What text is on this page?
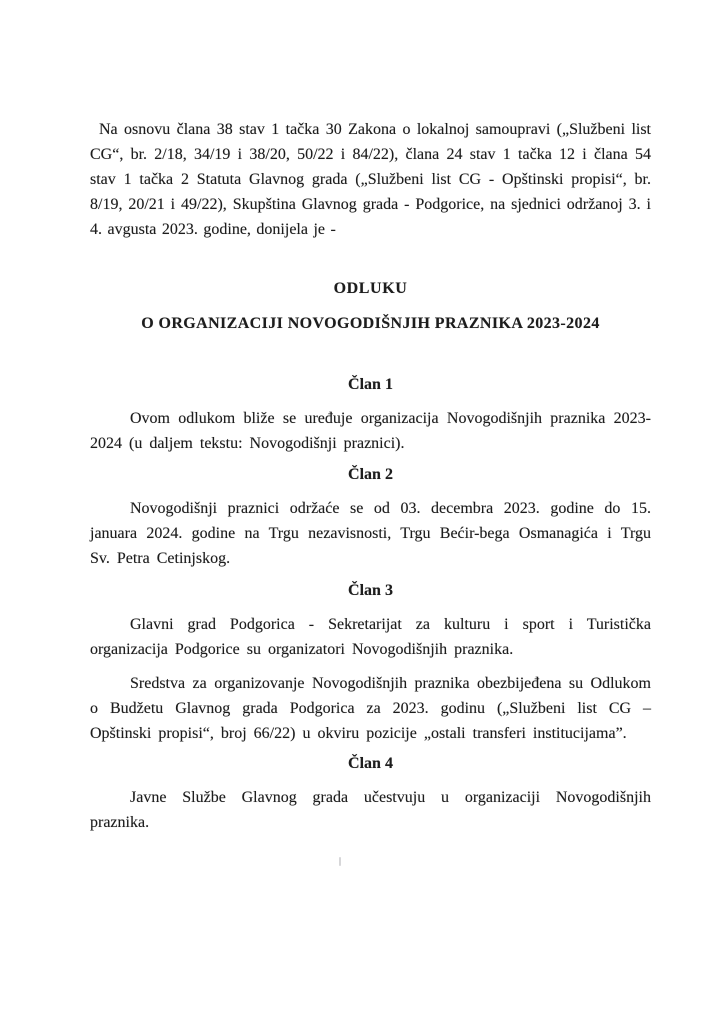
Na osnovu člana 38 stav 1 tačka 30 Zakona o lokalnoj samoupravi („Službeni list CG“, br. 2/18, 34/19 i 38/20, 50/22 i 84/22), člana 24 stav 1 tačka 12 i člana 54 stav 1 tačka 2 Statuta Glavnog grada („Službeni list CG - Opštinski propisi“, br. 8/19, 20/21 i 49/22), Skupština Glavnog grada - Podgorice, na sjednici održanoj 3. i 4. avgusta 2023. godine, donijela je -

ODLUKU

O ORGANIZACIJI NOVOGODIŠNJIH PRAZNIKA 2023-2024

Član 1

Ovom odlukom bliže se uređuje organizacija Novogodišnjih praznika 2023-2024 (u daljem tekstu: Novogodišnji praznici).

Član 2

Novogodišnji praznici održaće se od 03. decembra 2023. godine do 15. januara 2024. godine na Trgu nezavisnosti, Trgu Bećir-bega Osmanagića i Trgu Sv. Petra Cetinjskog.

Član 3

Glavni grad Podgorica - Sekretarijat za kulturu i sport i Turistička organizacija Podgorice su organizatori Novogodišnjih praznika.

Sredstva za organizovanje Novogodišnjih praznika obezbijeđena su Odlukom o Budžetu Glavnog grada Podgorica za 2023. godinu („Službeni list CG – Opštinski propisi“, broj 66/22) u okviru pozicije „ostali transferi institucijama”.

Član 4

Javne Službe Glavnog grada učestvuju u organizaciji Novogodišnjih praznika.
